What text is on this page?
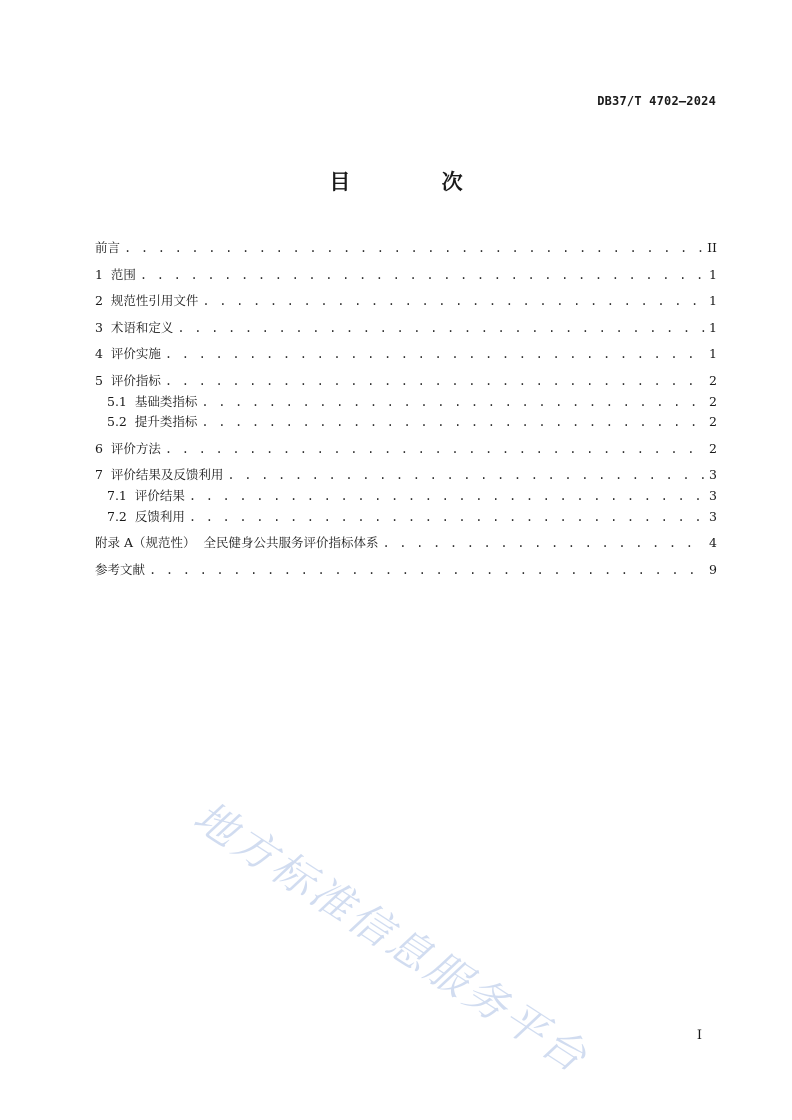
DB37/T 4702—2024
目 次
前言 . . .	II
1 范围 . . .	1
2 规范性引用文件 . . .	1
3 术语和定义 . . .	1
4 评价实施 . . .	1
5 评价指标 . . .	2
5.1 基础类指标 . . .	2
5.2 提升类指标 . . .	2
6 评价方法 . . .	2
7 评价结果及反馈利用 . . .	3
7.1 评价结果 . . .	3
7.2 反馈利用 . . .	3
附录 A（规范性）  全民健身公共服务评价指标体系 . . .	4
参考文献 . . .	9
地方标准信息服务平台	I
